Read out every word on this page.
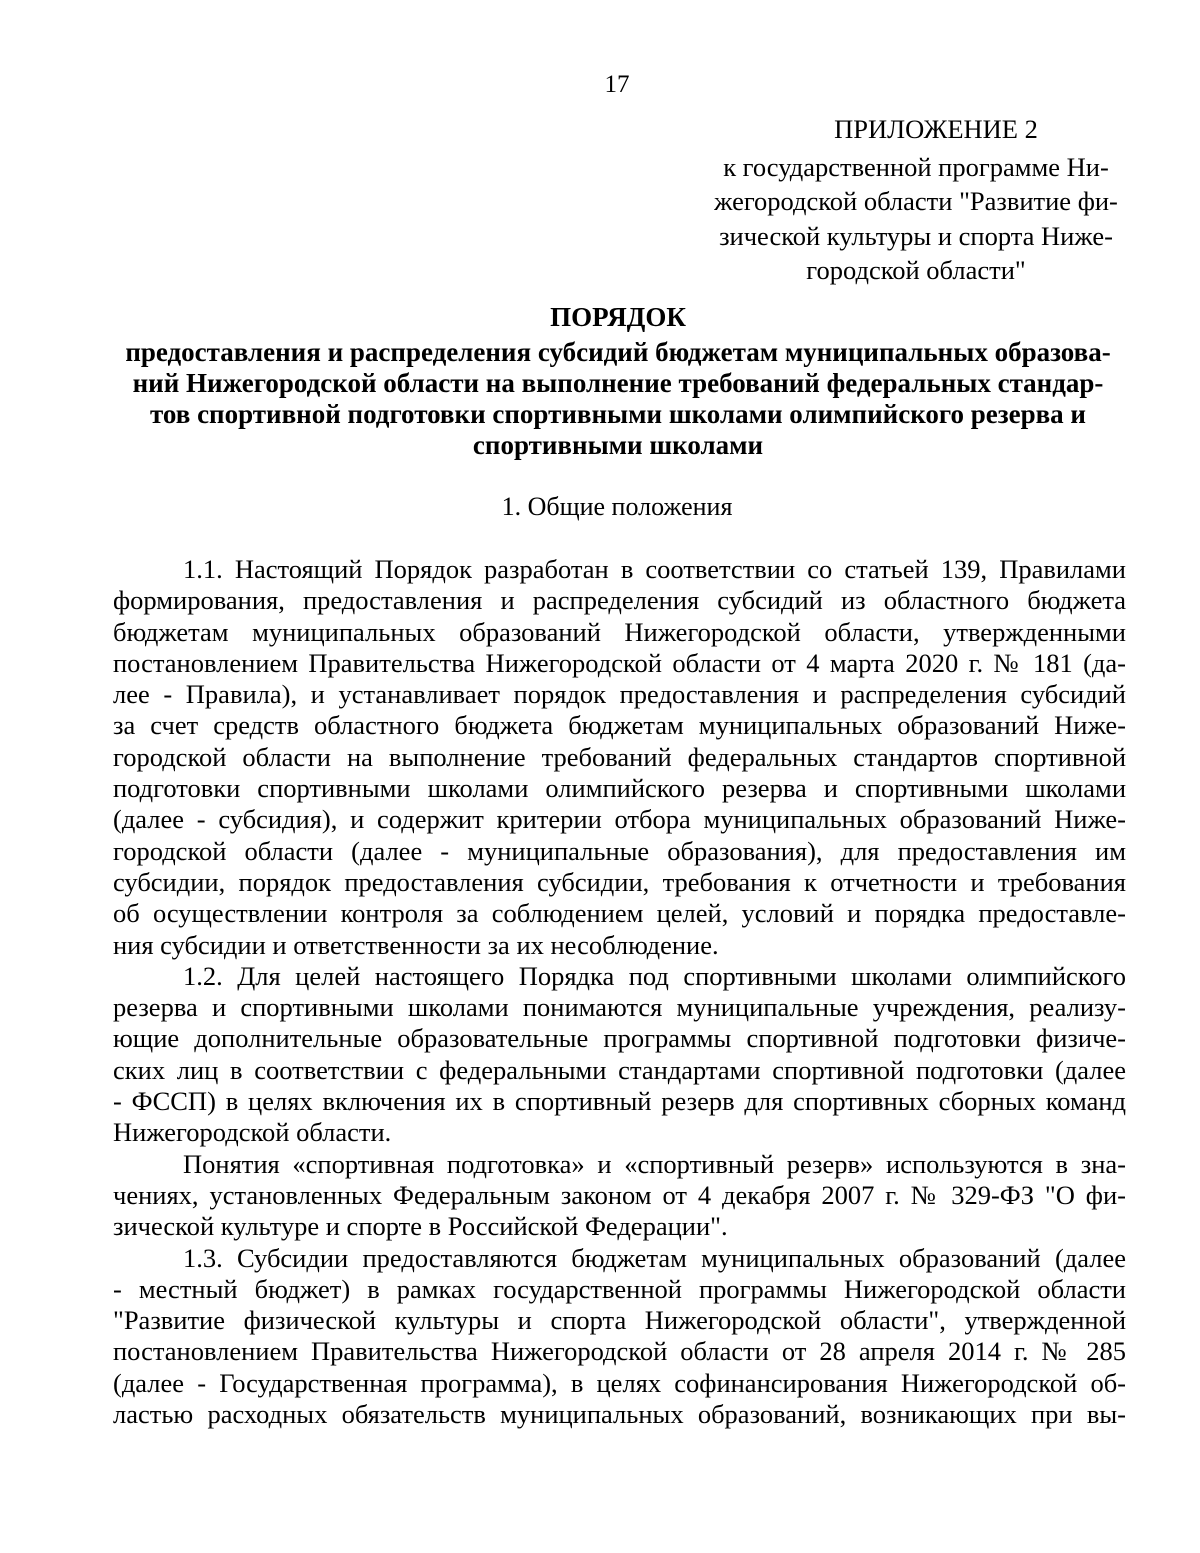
17
ПРИЛОЖЕНИЕ 2
к государственной программе Ни-
жегородской области "Развитие фи-
зической культуры и спорта Ниже-
городской области"
ПОРЯДОК
предоставления и распределения субсидий бюджетам муниципальных образова-
ний Нижегородской области на выполнение требований федеральных стандар-
тов спортивной подготовки спортивными школами олимпийского резерва и
спортивными школами
1. Общие положения
1.1. Настоящий Порядок разработан в соответствии со статьей 139, Правилами
формирования, предоставления и распределения субсидий из областного бюджета
бюджетам муниципальных образований Нижегородской области, утвержденными
постановлением Правительства Нижегородской области от 4 марта 2020 г. № 181 (да-
лее - Правила), и устанавливает порядок предоставления и распределения субсидий
за счет средств областного бюджета бюджетам муниципальных образований Ниже-
городской области на выполнение требований федеральных стандартов спортивной
подготовки спортивными школами олимпийского резерва и спортивными школами
(далее - субсидия), и содержит критерии отбора муниципальных образований Ниже-
городской области (далее - муниципальные образования), для предоставления им
субсидии, порядок предоставления субсидии, требования к отчетности и требования
об осуществлении контроля за соблюдением целей, условий и порядка предоставле-
ния субсидии и ответственности за их несоблюдение.
1.2. Для целей настоящего Порядка под спортивными школами олимпийского
резерва и спортивными школами понимаются муниципальные учреждения, реализу-
ющие дополнительные образовательные программы спортивной подготовки физиче-
ских лиц в соответствии с федеральными стандартами спортивной подготовки (далее
- ФССП) в целях включения их в спортивный резерв для спортивных сборных команд
Нижегородской области.
Понятия «спортивная подготовка» и «спортивный резерв» используются в зна-
чениях, установленных Федеральным законом от 4 декабря 2007 г. № 329-ФЗ "О фи-
зической культуре и спорте в Российской Федерации".
1.3. Субсидии предоставляются бюджетам муниципальных образований (далее
- местный бюджет) в рамках государственной программы Нижегородской области
"Развитие физической культуры и спорта Нижегородской области", утвержденной
постановлением Правительства Нижегородской области от 28 апреля 2014 г. № 285
(далее - Государственная программа), в целях софинансирования Нижегородской об-
ластью расходных обязательств муниципальных образований, возникающих при вы-
